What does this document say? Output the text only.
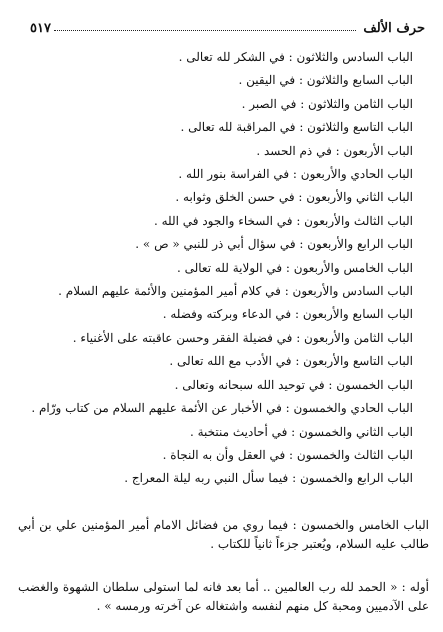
حرف الألف
٥١٧
الباب السادس والثلاثون : في الشكر لله تعالى .
الباب السابع والثلاثون : في اليقين .
الباب الثامن والثلاثون : في الصبر .
الباب التاسع والثلاثون : في المراقبة لله تعالى .
الباب الأربعون : في ذم الحسد .
الباب الحادي والأربعون : في الفراسة بنور الله .
الباب الثاني والأربعون : في حسن الخلق وثوابه .
الباب الثالث والأربعون : في السخاء والجود في الله .
الباب الرابع والأربعون : في سؤال أبي ذر للنبي « ص » .
الباب الخامس والأربعون : في الولاية لله تعالى .
الباب السادس والأربعون : في كلام أمير المؤمنين والأئمة عليهم السلام .
الباب السابع والأربعون : في الدعاء وبركته وفضله .
الباب الثامن والأربعون : في فضيلة الفقر وحسن عاقبته على الأغنياء .
الباب التاسع والأربعون : في الأدب مع الله تعالى .
الباب الخمسون : في توحيد الله سبحانه وتعالى .
الباب الحادي والخمسون : في الأخبار عن الأئمة عليهم السلام من كتاب ورّام .
الباب الثاني والخمسون : في أحاديث منتخبة .
الباب الثالث والخمسون : في العقل وأن به النجاة .
الباب الرابع والخمسون : فيما سأل النبي ربه ليلة المعراج .

الباب الخامس والخمسون : فيما روي من فضائل الامام أمير المؤمنين علي بن أبي طالب عليه السلام، ويُعتبر جزءاً ثانياً للكتاب .

أوله : « الحمد لله رب العالمين .. أما بعد فانه لما استولى سلطان الشهوة والغضب على الآدميين ومحبة كل منهم لنفسه واشتغاله عن آخرته ورمسه » .
